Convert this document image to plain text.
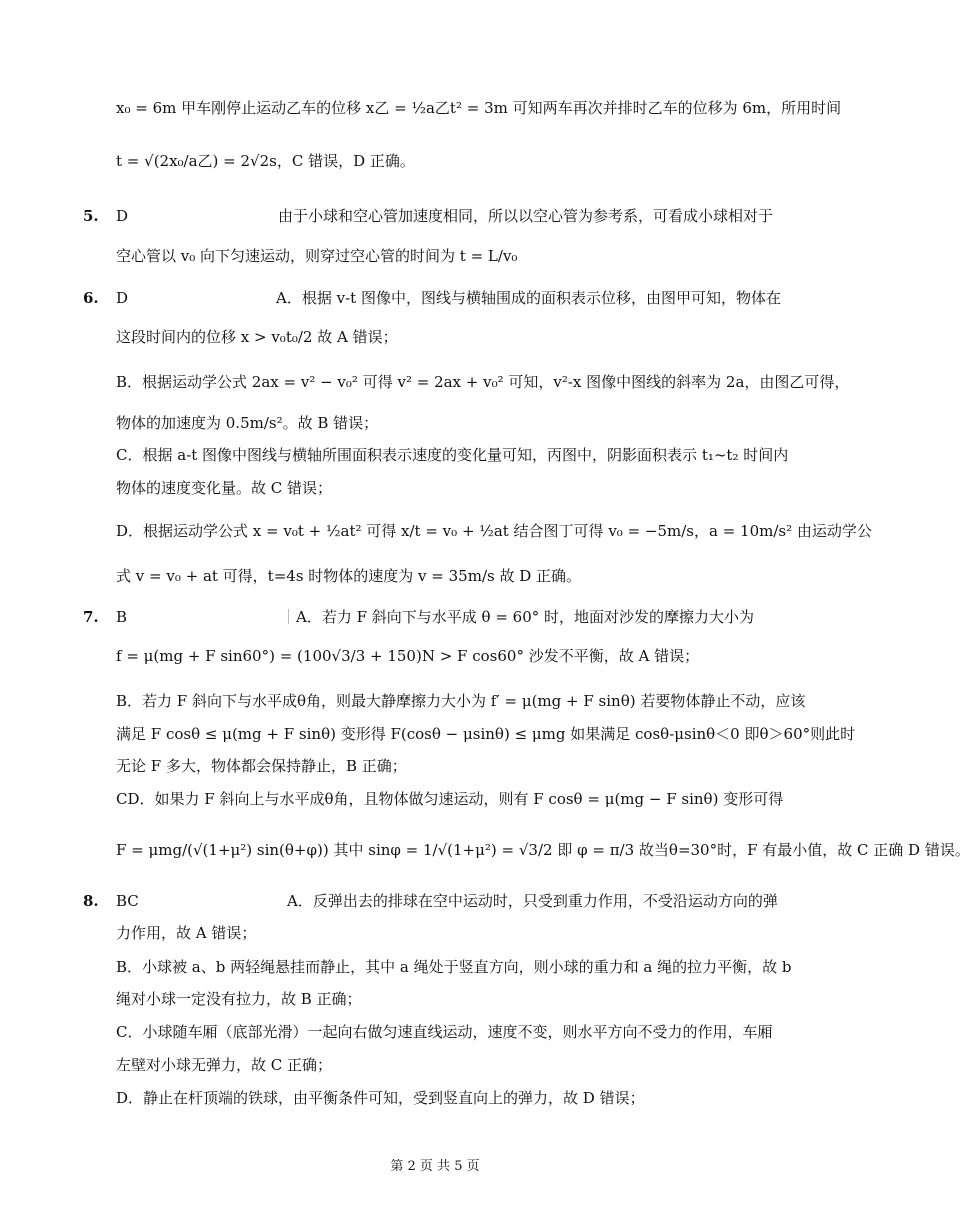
x₀ = 6m 甲车刚停止运动乙车的位移 x乙 = ½a乙t² = 3m 可知两车再次并排时乙车的位移为 6m，所用时间
t = √(2x₀/a乙) = 2√2s，C 错误，D 正确。
5. D	由于小球和空心管加速度相同，所以以空心管为参考系，可看成小球相对于
空心管以 v₀ 向下匀速运动，则穿过空心管的时间为 t = L/v₀
6. D	A．根据 v-t 图像中，图线与横轴围成的面积表示位移，由图甲可知，物体在
这段时间内的位移 x > v₀t₀/2 故 A 错误；
B．根据运动学公式 2ax = v² − v₀² 可得 v² = 2ax + v₀² 可知，v²-x 图像中图线的斜率为 2a，由图乙可得，
物体的加速度为 0.5m/s²。故 B 错误；
C．根据 a-t 图像中图线与横轴所围面积表示速度的变化量可知，丙图中，阴影面积表示 t₁~t₂ 时间内
物体的速度变化量。故 C 错误；
D．根据运动学公式 x = v₀t + ½at² 可得 x/t = v₀ + ½at 结合图丁可得 v₀ = −5m/s，a = 10m/s² 由运动学公
式 v = v₀ + at 可得，t=4s 时物体的速度为 v = 35m/s 故 D 正确。
7. B	A．若力 F 斜向下与水平成 θ = 60° 时，地面对沙发的摩擦力大小为
f = μ(mg + F sin60°) = (100√3/3 + 150)N > F cos60° 沙发不平衡，故 A 错误；
B．若力 F 斜向下与水平成θ角，则最大静摩擦力大小为 f′ = μ(mg + F sinθ) 若要物体静止不动，应该
满足 F cosθ ≤ μ(mg + F sinθ) 变形得 F(cosθ − μsinθ) ≤ μmg 如果满足 cosθ-μsinθ＜0 即θ＞60°则此时
无论 F 多大，物体都会保持静止，B 正确；
CD．如果力 F 斜向上与水平成θ角，且物体做匀速运动，则有 F cosθ = μ(mg − F sinθ) 变形可得
F = μmg/(√(1+μ²) sin(θ+φ)) 其中 sinφ = 1/√(1+μ²) = √3/2 即 φ = π/3 故当θ=30°时，F 有最小值，故 C 正确 D 错误。
8. BC	A．反弹出去的排球在空中运动时，只受到重力作用，不受沿运动方向的弹
力作用，故 A 错误；
B．小球被 a、b 两轻绳悬挂而静止，其中 a 绳处于竖直方向，则小球的重力和 a 绳的拉力平衡，故 b
绳对小球一定没有拉力，故 B 正确；
C．小球随车厢（底部光滑）一起向右做匀速直线运动，速度不变，则水平方向不受力的作用，车厢
左壁对小球无弹力，故 C 正确；
D．静止在杆顶端的铁球，由平衡条件可知，受到竖直向上的弹力，故 D 错误；
第 2 页 共 5 页
